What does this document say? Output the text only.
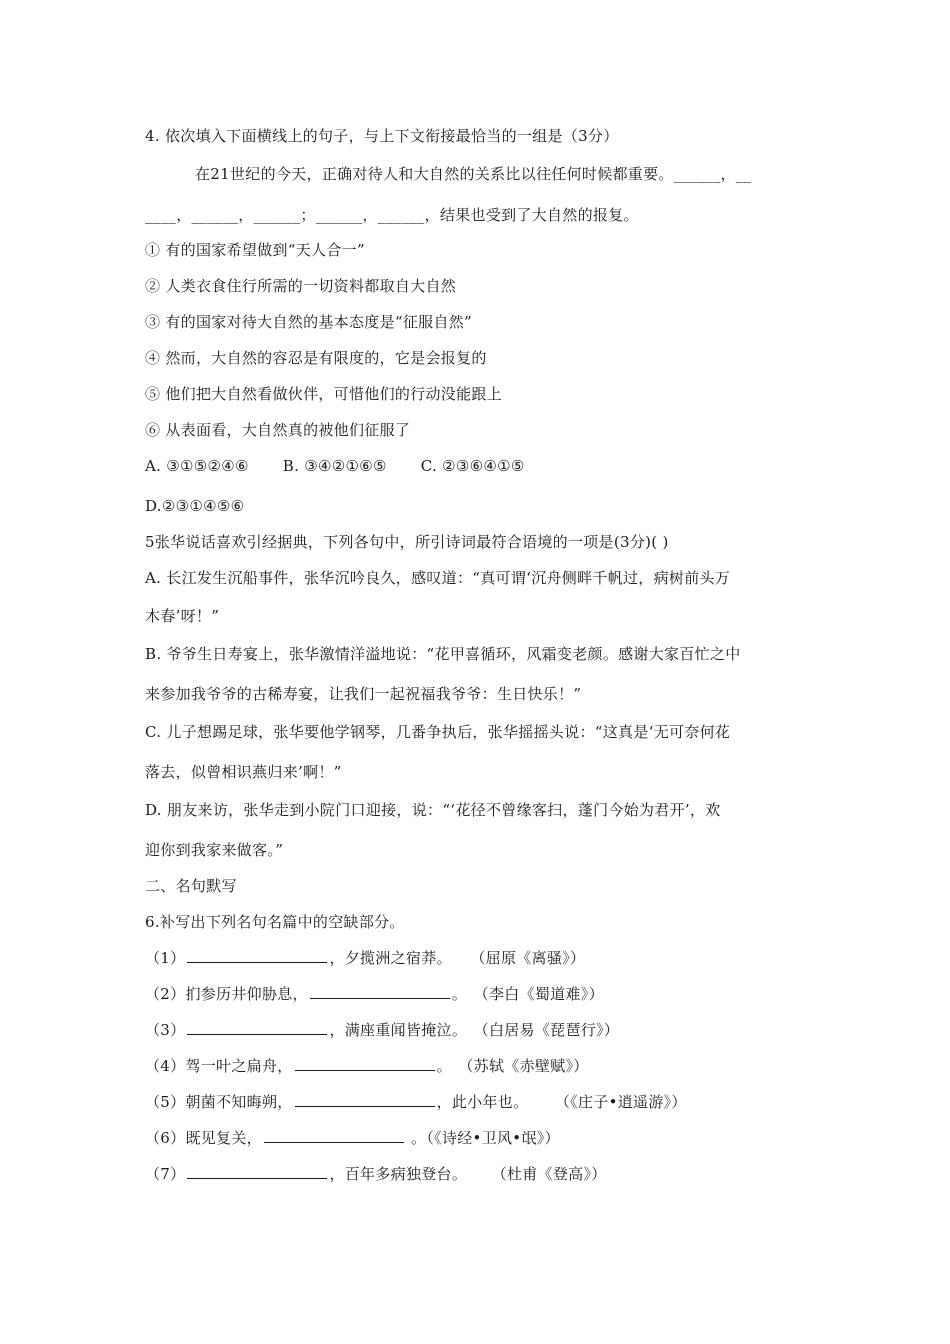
4. 依次填入下面横线上的句子，与上下文衔接最恰当的一组是（3分）
在21世纪的今天，正确对待人和大自然的关系比以往任何时候都重要。______，__
____，______，______；______，______，结果也受到了大自然的报复。
① 有的国家希望做到“天人合一”
② 人类衣食住行所需的一切资料都取自大自然
③ 有的国家对待大自然的基本态度是“征服自然”
④ 然而，大自然的容忍是有限度的，它是会报复的
⑤ 他们把大自然看做伙伴，可惜他们的行动没能跟上
⑥ 从表面看，大自然真的被他们征服了
A. ③①⑤②④⑥ B. ③④②①⑥⑤ C. ②③⑥④①⑤
D.②③①④⑤⑥
5张华说话喜欢引经据典，下列各句中，所引诗词最符合语境的一项是(3分)( )
A. 长江发生沉船事件，张华沉吟良久，感叹道：“真可谓‘沉舟侧畔千帆过，病树前头万
木春’呀！”
B. 爷爷生日寿宴上，张华激情洋溢地说：“花甲喜循环，风霜变老颜。感谢大家百忙之中
来参加我爷爷的古稀寿宴，让我们一起祝福我爷爷：生日快乐！”
C. 儿子想踢足球，张华要他学钢琴，几番争执后，张华摇摇头说：“这真是‘无可奈何花
落去，似曾相识燕归来’啊！”
D. 朋友来访，张华走到小院门口迎接，说：“‘花径不曾缘客扫，蓬门今始为君开’，欢
迎你到我家来做客。”
二、名句默写
6.补写出下列名句名篇中的空缺部分。
（1）	，夕揽洲之宿莽。 （屈原《离骚》）
（2）扪参历井仰胁息，	。 （李白《蜀道难》）
（3）	，满座重闻皆掩泣。 （白居易《琵琶行》）
（4）驾一叶之扁舟，	。 （苏轼《赤壁赋》）
（5）朝菌不知晦朔，	，此小年也。 （《庄子•逍遥游》）
（6）既见复关，	。（《诗经•卫风•氓》）
（7）	，百年多病独登台。 （杜甫《登高》）
